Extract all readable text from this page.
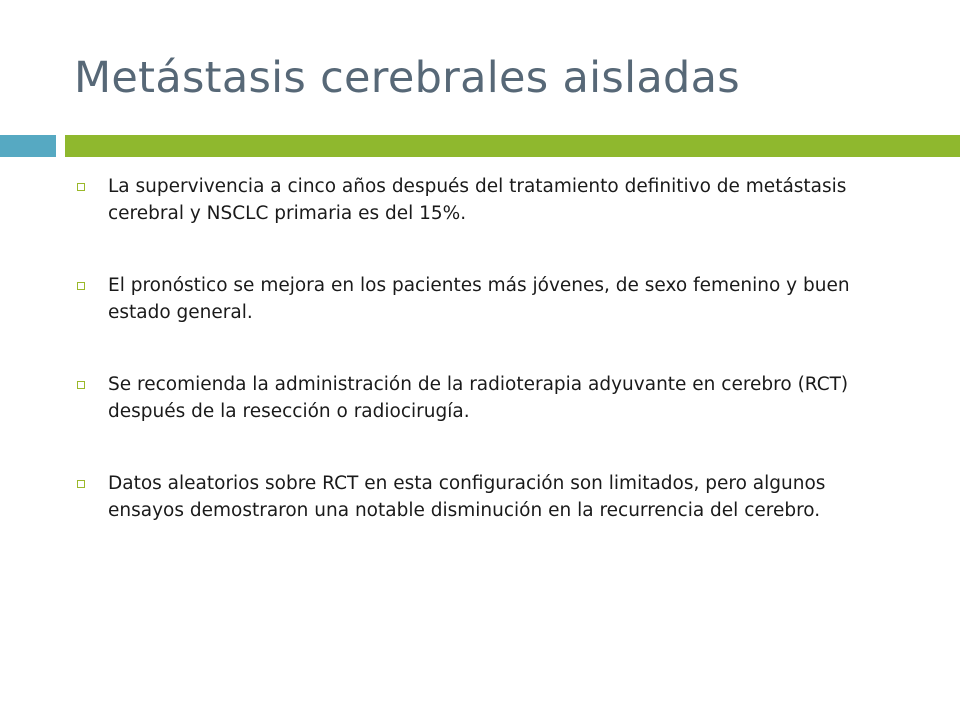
Metástasis cerebrales aisladas
La supervivencia a cinco años después del tratamiento definitivo de metástasis cerebral y NSCLC primaria es del 15%.
El pronóstico se mejora en los pacientes más jóvenes, de sexo femenino y buen estado general.
Se recomienda la administración de la radioterapia adyuvante en cerebro (RCT) después de la resección o radiocirugía.
Datos aleatorios sobre RCT en esta configuración son limitados, pero algunos ensayos demostraron una notable disminución en la recurrencia del cerebro.
